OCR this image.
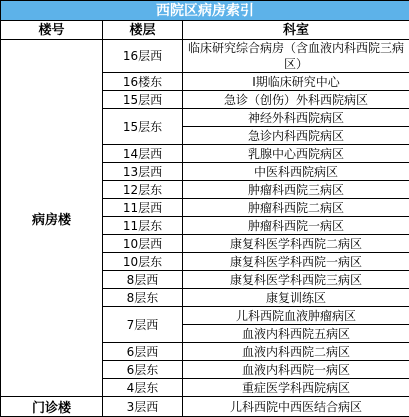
西院区病房索引		
楼号	楼层	科室
病房楼	16层西	临床研究综合病房（含血液内科西院三病区）
	16楼东	I期临床研究中心
	15层西	急诊（创伤）外科西院病区
	15层东	神经外科西院病区
		急诊内科西院病区
	14层西	乳腺中心西院病区
	13层西	中医科西院病区
	12层东	肿瘤科西院三病区
	11层西	肿瘤科西院二病区
	11层东	肿瘤科西院一病区
	10层西	康复科医学科西院二病区
	10层东	康复科医学科西院一病区
	8层西	康复科医学科西院三病区
	8层东	康复训练区
	7层西	儿科西院血液肿瘤病区
		血液内科西院五病区
	6层西	血液内科西院二病区
	6层东	血液内科西院一病区
	4层东	重症医学科西院病区
门诊楼	3层西	儿科西院中西医结合病区
